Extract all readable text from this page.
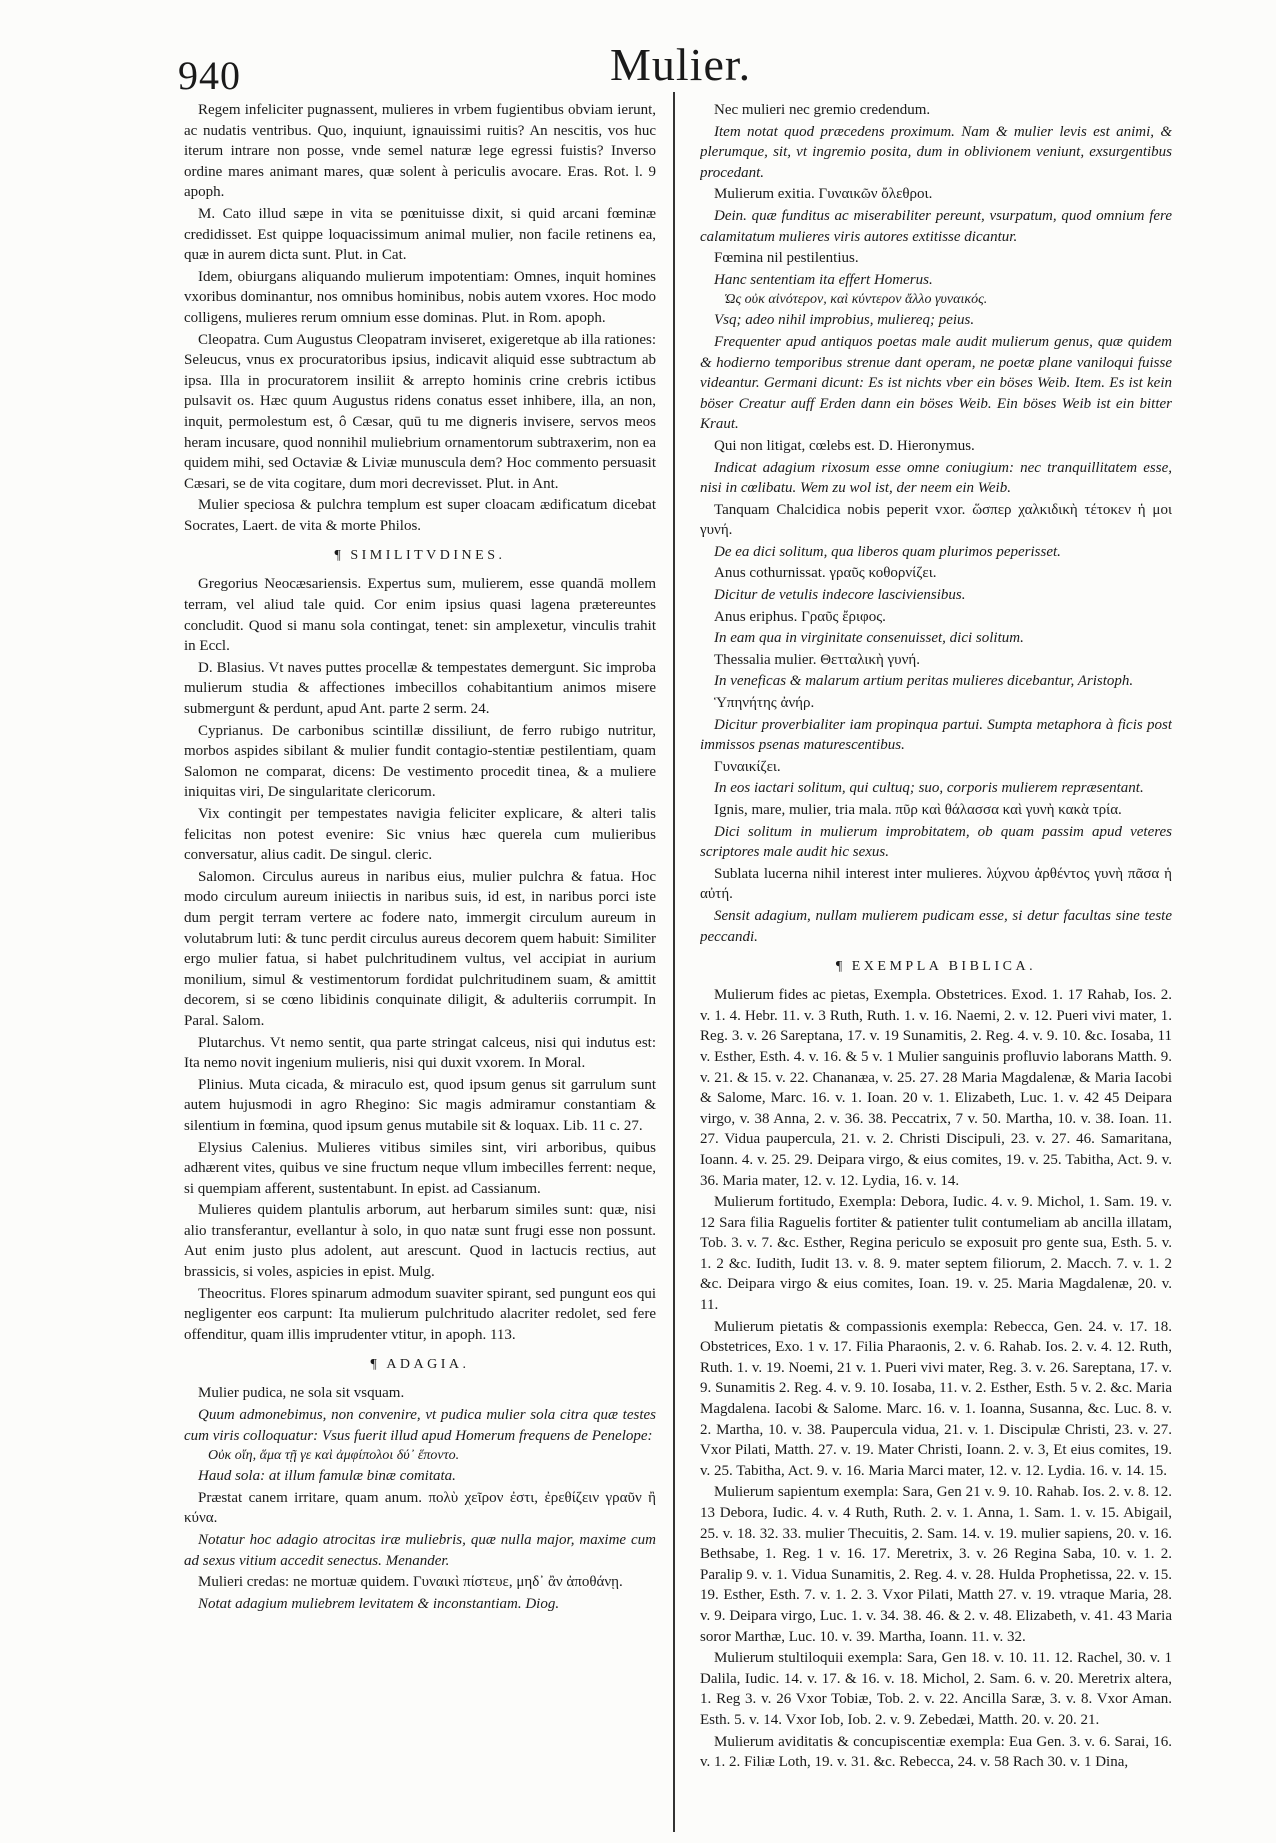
940	Mulier.

Regem infeliciter pugnassent, mulieres in vrbem fugientibus obviam ierunt, ac nudatis ventribus. Quo, inquiunt, ignauissimi ruitis? An nescitis, vos huc iterum intrare non posse, vnde semel naturæ lege egressi fuistis? Inverso ordine mares animant mares, quæ solent à periculis avocare. Eras. Rot. l. 9 apoph.

M. Cato illud sæpe in vita se pœnituisse dixit, si quid arcani fœminæ credidisset. Est quippe loquacissimum animal mulier, non facile retinens ea, quæ in aurem dicta sunt. Plut. in Cat.

Idem, obiurgans aliquando mulierum impotentiam: Omnes, inquit homines vxoribus dominantur, nos omnibus hominibus, nobis autem vxores. Hoc modo colligens, mulieres rerum omnium esse dominas. Plut. in Rom. apoph.

Cleopatra. Cum Augustus Cleopatram inviseret, exigeretque ab illa rationes: Seleucus, vnus ex procuratoribus ipsius, indicavit aliquid esse subtractum ab ipsa. Illa in procuratorem insiliit & arrepto hominis crine crebris ictibus pulsavit os. Hæc quum Augustus ridens conatus esset inhibere, illa, an non, inquit, permolestum est, ô Cæsar, quū tu me digneris invisere, servos meos heram incusare, quod nonnihil muliebrium ornamentorum subtraxerim, non ea quidem mihi, sed Octaviæ & Liviæ munuscula dem? Hoc commento persuasit Cæsari, se de vita cogitare, dum mori decrevisset. Plut. in Ant.

Mulier speciosa & pulchra templum est super cloacam ædificatum dicebat Socrates, Laert. de vita & morte Philos.

¶ SIMILITVDINES.

Gregorius Neocæsariensis. Expertus sum, mulierem, esse quandā mollem terram, vel aliud tale quid. Cor enim ipsius quasi lagena prætereuntes concludit. Quod si manu sola contingat, tenet: sin amplexetur, vinculis trahit in Eccl.

D. Blasius. Vt naves puttes procellæ & tempestates demergunt. Sic improba mulierum studia & affectiones imbecillos cohabitantium animos misere submergunt & perdunt, apud Ant. parte 2 serm. 24.

Cyprianus. De carbonibus scintillæ dissiliunt, de ferro rubigo nutritur, morbos aspides sibilant & mulier fundit contagio-stentiæ pestilentiam, quam Salomon ne comparat, dicens: De vestimento procedit tinea, & a muliere iniquitas viri, De singularitate clericorum.

Vix contingit per tempestates navigia feliciter explicare, & alteri talis felicitas non potest evenire: Sic vnius hæc querela cum mulieribus conversatur, alius cadit. De singul. cleric.

Salomon. Circulus aureus in naribus eius, mulier pulchra & fatua. Hoc modo circulum aureum iniiectis in naribus suis, id est, in naribus porci iste dum pergit terram vertere ac fodere nato, immergit circulum aureum in volutabrum luti: & tunc perdit circulus aureus decorem quem habuit: Similiter ergo mulier fatua, si habet pulchritudinem vultus, vel accipiat in aurium monilium, simul & vestimentorum fordidat pulchritudinem suam, & amittit decorem, si se cœno libidinis conquinate diligit, & adulteriis corrumpit. In Paral. Salom.

Plutarchus. Vt nemo sentit, qua parte stringat calceus, nisi qui indutus est: Ita nemo novit ingenium mulieris, nisi qui duxit vxorem. In Moral.

Plinius. Muta cicada, & miraculo est, quod ipsum genus sit garrulum sunt autem hujusmodi in agro Rhegino: Sic magis admiramur constantiam & silentium in fœmina, quod ipsum genus mutabile sit & loquax. Lib. 11 c. 27.

Elysius Calenius. Mulieres vitibus similes sint, viri arboribus, quibus adhærent vites, quibus ve sine fructum neque vllum imbecilles ferrent: neque, si quempiam afferent, sustentabunt. In epist. ad Cassianum.

Mulieres quidem plantulis arborum, aut herbarum similes sunt: quæ, nisi alio transferantur, evellantur à solo, in quo natæ sunt frugi esse non possunt. Aut enim justo plus adolent, aut arescunt. Quod in lactucis rectius, aut brassicis, si voles, aspicies in epist. Mulg.

Theocritus. Flores spinarum admodum suaviter spirant, sed pungunt eos qui negligenter eos carpunt: Ita mulierum pulchritudo alacriter redolet, sed fere offenditur, quam illis imprudenter vtitur, in apoph. 113.

¶ ADAGIA.

Mulier pudica, ne sola sit vsquam.

Quum admonebimus, non convenire, vt pudica mulier sola citra quæ testes cum viris colloquatur: Vsus fuerit illud apud Homerum frequens de Penelope:

Οὐκ οἴη, ἅμα τῇ γε καὶ ἀμφίπολοι δύ᾽ ἕποντο.

Haud sola: at illum famulæ binæ comitata.

Præstat canem irritare, quam anum. πολὺ χεῖρον ἐστι, ἐρεθίζειν γραῦν ἢ κύνα.

Notatur hoc adagio atrocitas iræ muliebris, quæ nulla major, maxime cum ad sexus vitium accedit senectus. Menander.

Mulieri credas: ne mortuæ quidem. Γυναικὶ πίστευε, μηδ᾽ ἂν ἀποθάνῃ.

Notat adagium muliebrem levitatem & inconstantiam. Diog.

Nec mulieri nec gremio credendum.

Item notat quod præcedens proximum. Nam & mulier levis est animi, & plerumque, sit, vt ingremio posita, dum in oblivionem veniunt, exsurgentibus procedant.

Mulierum exitia. Γυναικῶν ὄλεθροι.

Dein. quæ funditus ac miserabiliter pereunt, vsurpatum, quod omnium fere calamitatum mulieres viris autores extitisse dicantur.

Fœmina nil pestilentius.

Hanc sententiam ita effert Homerus.

Ὡς οὐκ αἰνότερον, καὶ κύντερον ἄλλο γυναικός.

Vsq; adeo nihil improbius, muliereq; peius.

Frequenter apud antiquos poetas male audit mulierum genus, quæ quidem & hodierno temporibus strenue dant operam, ne poetæ plane vaniloqui fuisse videantur. Germani dicunt: Es ist nichts vber ein böses Weib. Item. Es ist kein böser Creatur auff Erden dann ein böses Weib. Ein böses Weib ist ein bitter Kraut.

Qui non litigat, cœlebs est. D. Hieronymus.

Indicat adagium rixosum esse omne coniugium: nec tranquillitatem esse, nisi in cœlibatu. Wem zu wol ist, der neem ein Weib.

Tanquam Chalcidica nobis peperit vxor. ὥσπερ χαλκιδικὴ τέτοκεν ἡ μοι γυνή.

De ea dici solitum, qua liberos quam plurimos peperisset.

Anus cothurnissat. γραῦς κοθορνίζει.

Dicitur de vetulis indecore lasciviensibus.

Anus eriphus. Γραῦς ἔριφος.

In eam qua in virginitate consenuisset, dici solitum.

Thessalia mulier. Θετταλικὴ γυνή.

In veneficas & malarum artium peritas mulieres dicebantur, Aristoph.

Ὑπηνήτης ἀνήρ.

Dicitur proverbialiter iam propinqua partui. Sumpta metaphora à ficis post immissos psenas maturescentibus.

Γυναικίζει.

In eos iactari solitum, qui cultuq; suo, corporis mulierem repræsentant.

Ignis, mare, mulier, tria mala. πῦρ καὶ θάλασσα καὶ γυνὴ κακὰ τρία.

Dici solitum in mulierum improbitatem, ob quam passim apud veteres scriptores male audit hic sexus.

Sublata lucerna nihil interest inter mulieres. λύχνου ἀρθέντος γυνὴ πᾶσα ἡ αὐτή.

Sensit adagium, nullam mulierem pudicam esse, si detur facultas sine teste peccandi.

¶ EXEMPLA BIBLICA.

Mulierum fides ac pietas, Exempla. Obstetrices. Exod. 1. 17 Rahab, Ios. 2. v. 1. 4. Hebr. 11. v. 3 Ruth, Ruth. 1. v. 16. Naemi, 2. v. 12. Pueri vivi mater, 1. Reg. 3. v. 26 Sareptana, 17. v. 19 Sunamitis, 2. Reg. 4. v. 9. 10. &c. Iosaba, 11 v. Esther, Esth. 4. v. 16. & 5 v. 1 Mulier sanguinis profluvio laborans Matth. 9. v. 21. & 15. v. 22. Chananæa, v. 25. 27. 28 Maria Magdalenæ, & Maria Iacobi & Salome, Marc. 16. v. 1. Ioan. 20 v. 1. Elizabeth, Luc. 1. v. 42 45 Deipara virgo, v. 38 Anna, 2. v. 36. 38. Peccatrix, 7 v. 50. Martha, 10. v. 38. Ioan. 11. 27. Vidua paupercula, 21. v. 2. Christi Discipuli, 23. v. 27. 46. Samaritana, Ioann. 4. v. 25. 29. Deipara virgo, & eius comites, 19. v. 25. Tabitha, Act. 9. v. 36. Maria mater, 12. v. 12. Lydia, 16. v. 14.

Mulierum fortitudo, Exempla: Debora, Iudic. 4. v. 9. Michol, 1. Sam. 19. v. 12 Sara filia Raguelis fortiter & patienter tulit contumeliam ab ancilla illatam, Tob. 3. v. 7. &c. Esther, Regina periculo se exposuit pro gente sua, Esth. 5. v. 1. 2 &c. Iudith, Iudit 13. v. 8. 9. mater septem filiorum, 2. Macch. 7. v. 1. 2 &c. Deipara virgo & eius comites, Ioan. 19. v. 25. Maria Magdalenæ, 20. v. 11.

Mulierum pietatis & compassionis exempla: Rebecca, Gen. 24. v. 17. 18. Obstetrices, Exo. 1 v. 17. Filia Pharaonis, 2. v. 6. Rahab. Ios. 2. v. 4. 12. Ruth, Ruth. 1. v. 19. Noemi, 21 v. 1. Pueri vivi mater, Reg. 3. v. 26. Sareptana, 17. v. 9. Sunamitis 2. Reg. 4. v. 9. 10. Iosaba, 11. v. 2. Esther, Esth. 5 v. 2. &c. Maria Magdalena. Iacobi & Salome. Marc. 16. v. 1. Ioanna, Susanna, &c. Luc. 8. v. 2. Martha, 10. v. 38. Paupercula vidua, 21. v. 1. Discipulæ Christi, 23. v. 27. Vxor Pilati, Matth. 27. v. 19. Mater Christi, Ioann. 2. v. 3, Et eius comites, 19. v. 25. Tabitha, Act. 9. v. 16. Maria Marci mater, 12. v. 12. Lydia. 16. v. 14. 15.

Mulierum sapientum exempla: Sara, Gen 21 v. 9. 10. Rahab. Ios. 2. v. 8. 12. 13 Debora, Iudic. 4. v. 4 Ruth, Ruth. 2. v. 1. Anna, 1. Sam. 1. v. 15. Abigail, 25. v. 18. 32. 33. mulier Thecuitis, 2. Sam. 14. v. 19. mulier sapiens, 20. v. 16. Bethsabe, 1. Reg. 1 v. 16. 17. Meretrix, 3. v. 26 Regina Saba, 10. v. 1. 2. Paralip 9. v. 1. Vidua Sunamitis, 2. Reg. 4. v. 28. Hulda Prophetissa, 22. v. 15. 19. Esther, Esth. 7. v. 1. 2. 3. Vxor Pilati, Matth 27. v. 19. vtraque Maria, 28. v. 9. Deipara virgo, Luc. 1. v. 34. 38. 46. & 2. v. 48. Elizabeth, v. 41. 43 Maria soror Marthæ, Luc. 10. v. 39. Martha, Ioann. 11. v. 32.

Mulierum stultiloquii exempla: Sara, Gen 18. v. 10. 11. 12. Rachel, 30. v. 1 Dalila, Iudic. 14. v. 17. & 16. v. 18. Michol, 2. Sam. 6. v. 20. Meretrix altera, 1. Reg 3. v. 26 Vxor Tobiæ, Tob. 2. v. 22. Ancilla Saræ, 3. v. 8. Vxor Aman. Esth. 5. v. 14. Vxor Iob, Iob. 2. v. 9. Zebedæi, Matth. 20. v. 20. 21.

Mulierum aviditatis & concupiscentiæ exempla: Eua Gen. 3. v. 6. Sarai, 16. v. 1. 2. Filiæ Loth, 19. v. 31. &c. Rebecca, 24. v. 58 Rach 30. v. 1 Dina,
